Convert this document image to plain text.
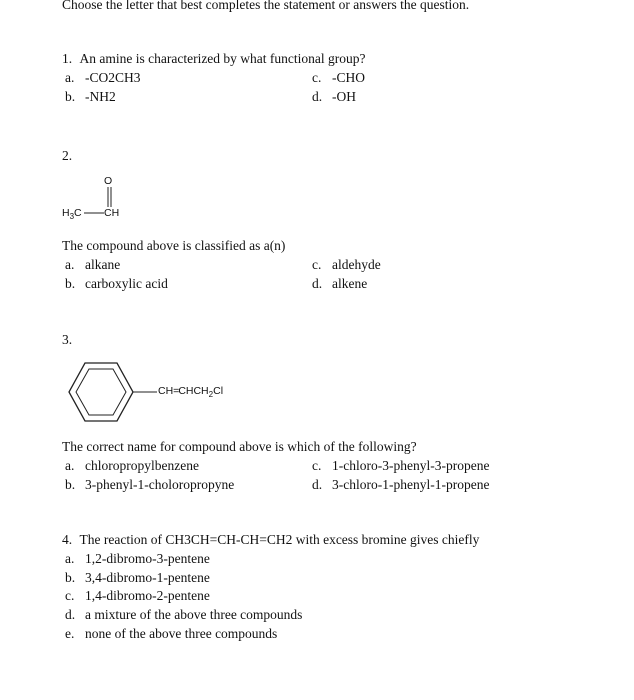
Choose the letter that best completes the statement or answers the question.
1. An amine is characterized by what functional group?
a. -CO2CH3
b. -NH2
c. -CHO
d. -OH
2.
O
$H_3C$ CH
The compound above is classified as a(n)
a. alkane
b. carboxylic acid
c. aldehyde
d. alkene
3.
$CH=CHCH_2Cl$
The correct name for compound above is which of the following?
a. chloropropylbenzene
b. 3-phenyl-1-choloropropyne
c. 1-chloro-3-phenyl-3-propene
d. 3-chloro-1-phenyl-1-propene
4. The reaction of CH3CH=CH-CH=CH2 with excess bromine gives chiefly
a. 1,2-dibromo-3-pentene
b. 3,4-dibromo-1-pentene
c. 1,4-dibromo-2-pentene
d. a mixture of the above three compounds
e. none of the above three compounds
